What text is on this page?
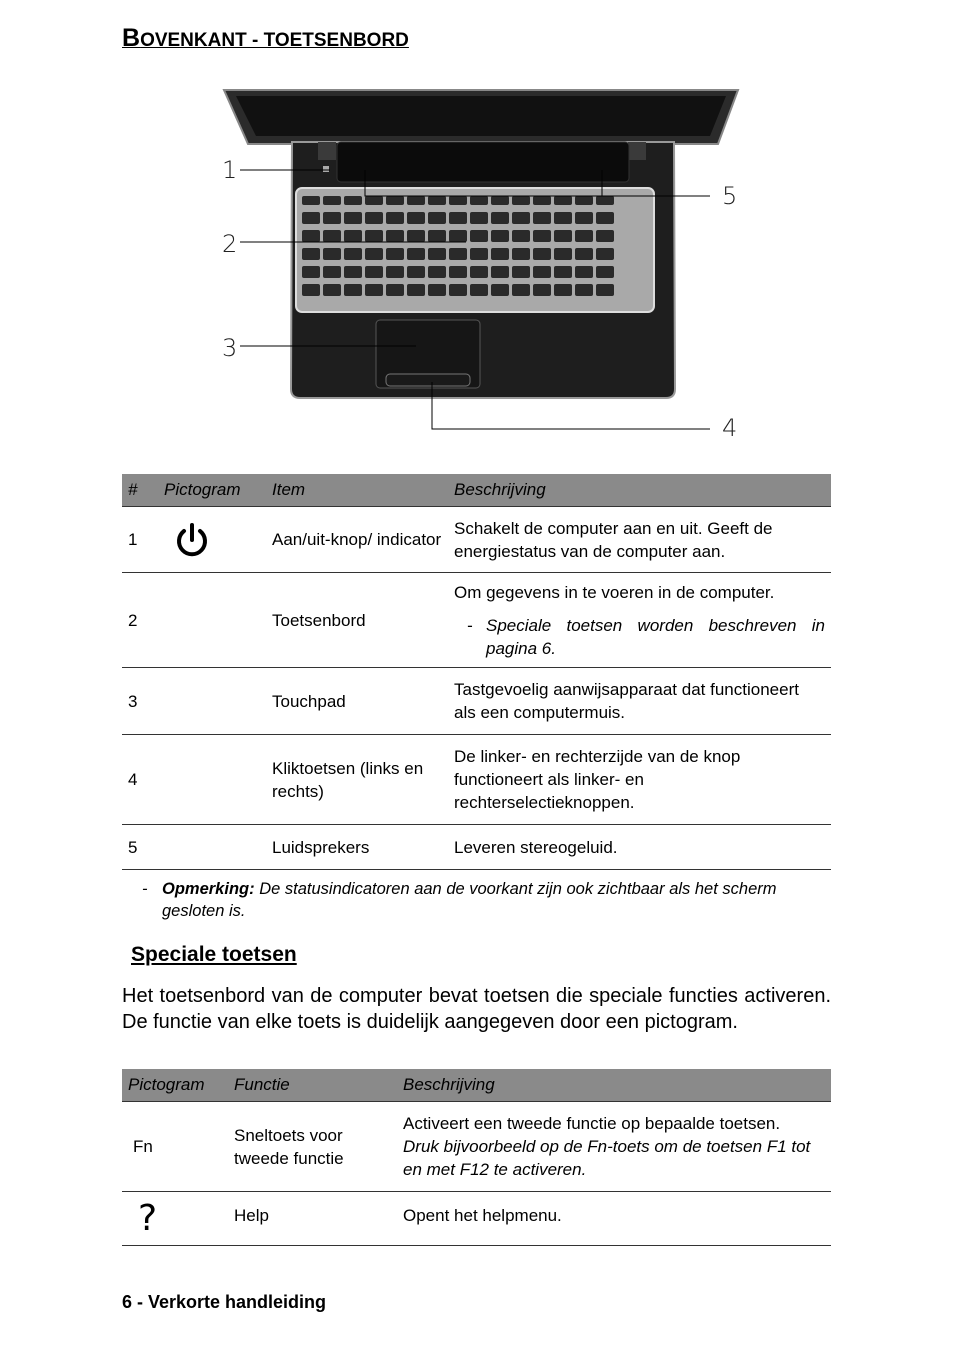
BOVENKANT - TOETSENBORD
1
2
3
4
5
#	Pictogram	Item	Beschrijving
1		Aan/uit-knop/ indicator	Schakelt de computer aan en uit. Geeft de energiestatus van de computer aan.
2		Toetsenbord	Om gegevens in te voeren in de computer.
- Speciale toetsen worden beschreven in pagina 6.

3		Touchpad	Tastgevoelig aanwijsapparaat dat functioneert als een computermuis.
4		Kliktoetsen (links en rechts)	De linker- en rechterzijde van de knop functioneert als linker- en rechterselectieknoppen.
5		Luidsprekers	Leveren stereogeluid.
- Opmerking: De statusindicatoren aan de voorkant zijn ook zichtbaar als het scherm gesloten is.
Speciale toetsen
Het toetsenbord van de computer bevat toetsen die speciale functies activeren. De functie van elke toets is duidelijk aangegeven door een pictogram.
Pictogram	Functie	Beschrijving
Fn	Sneltoets voor tweede functie	Activeert een tweede functie op bepaalde toetsen.
Druk bijvoorbeeld op de Fn-toets om de toetsen F1 tot en met F12 te activeren.
?	Help	Opent het helpmenu.
6 - Verkorte handleiding
